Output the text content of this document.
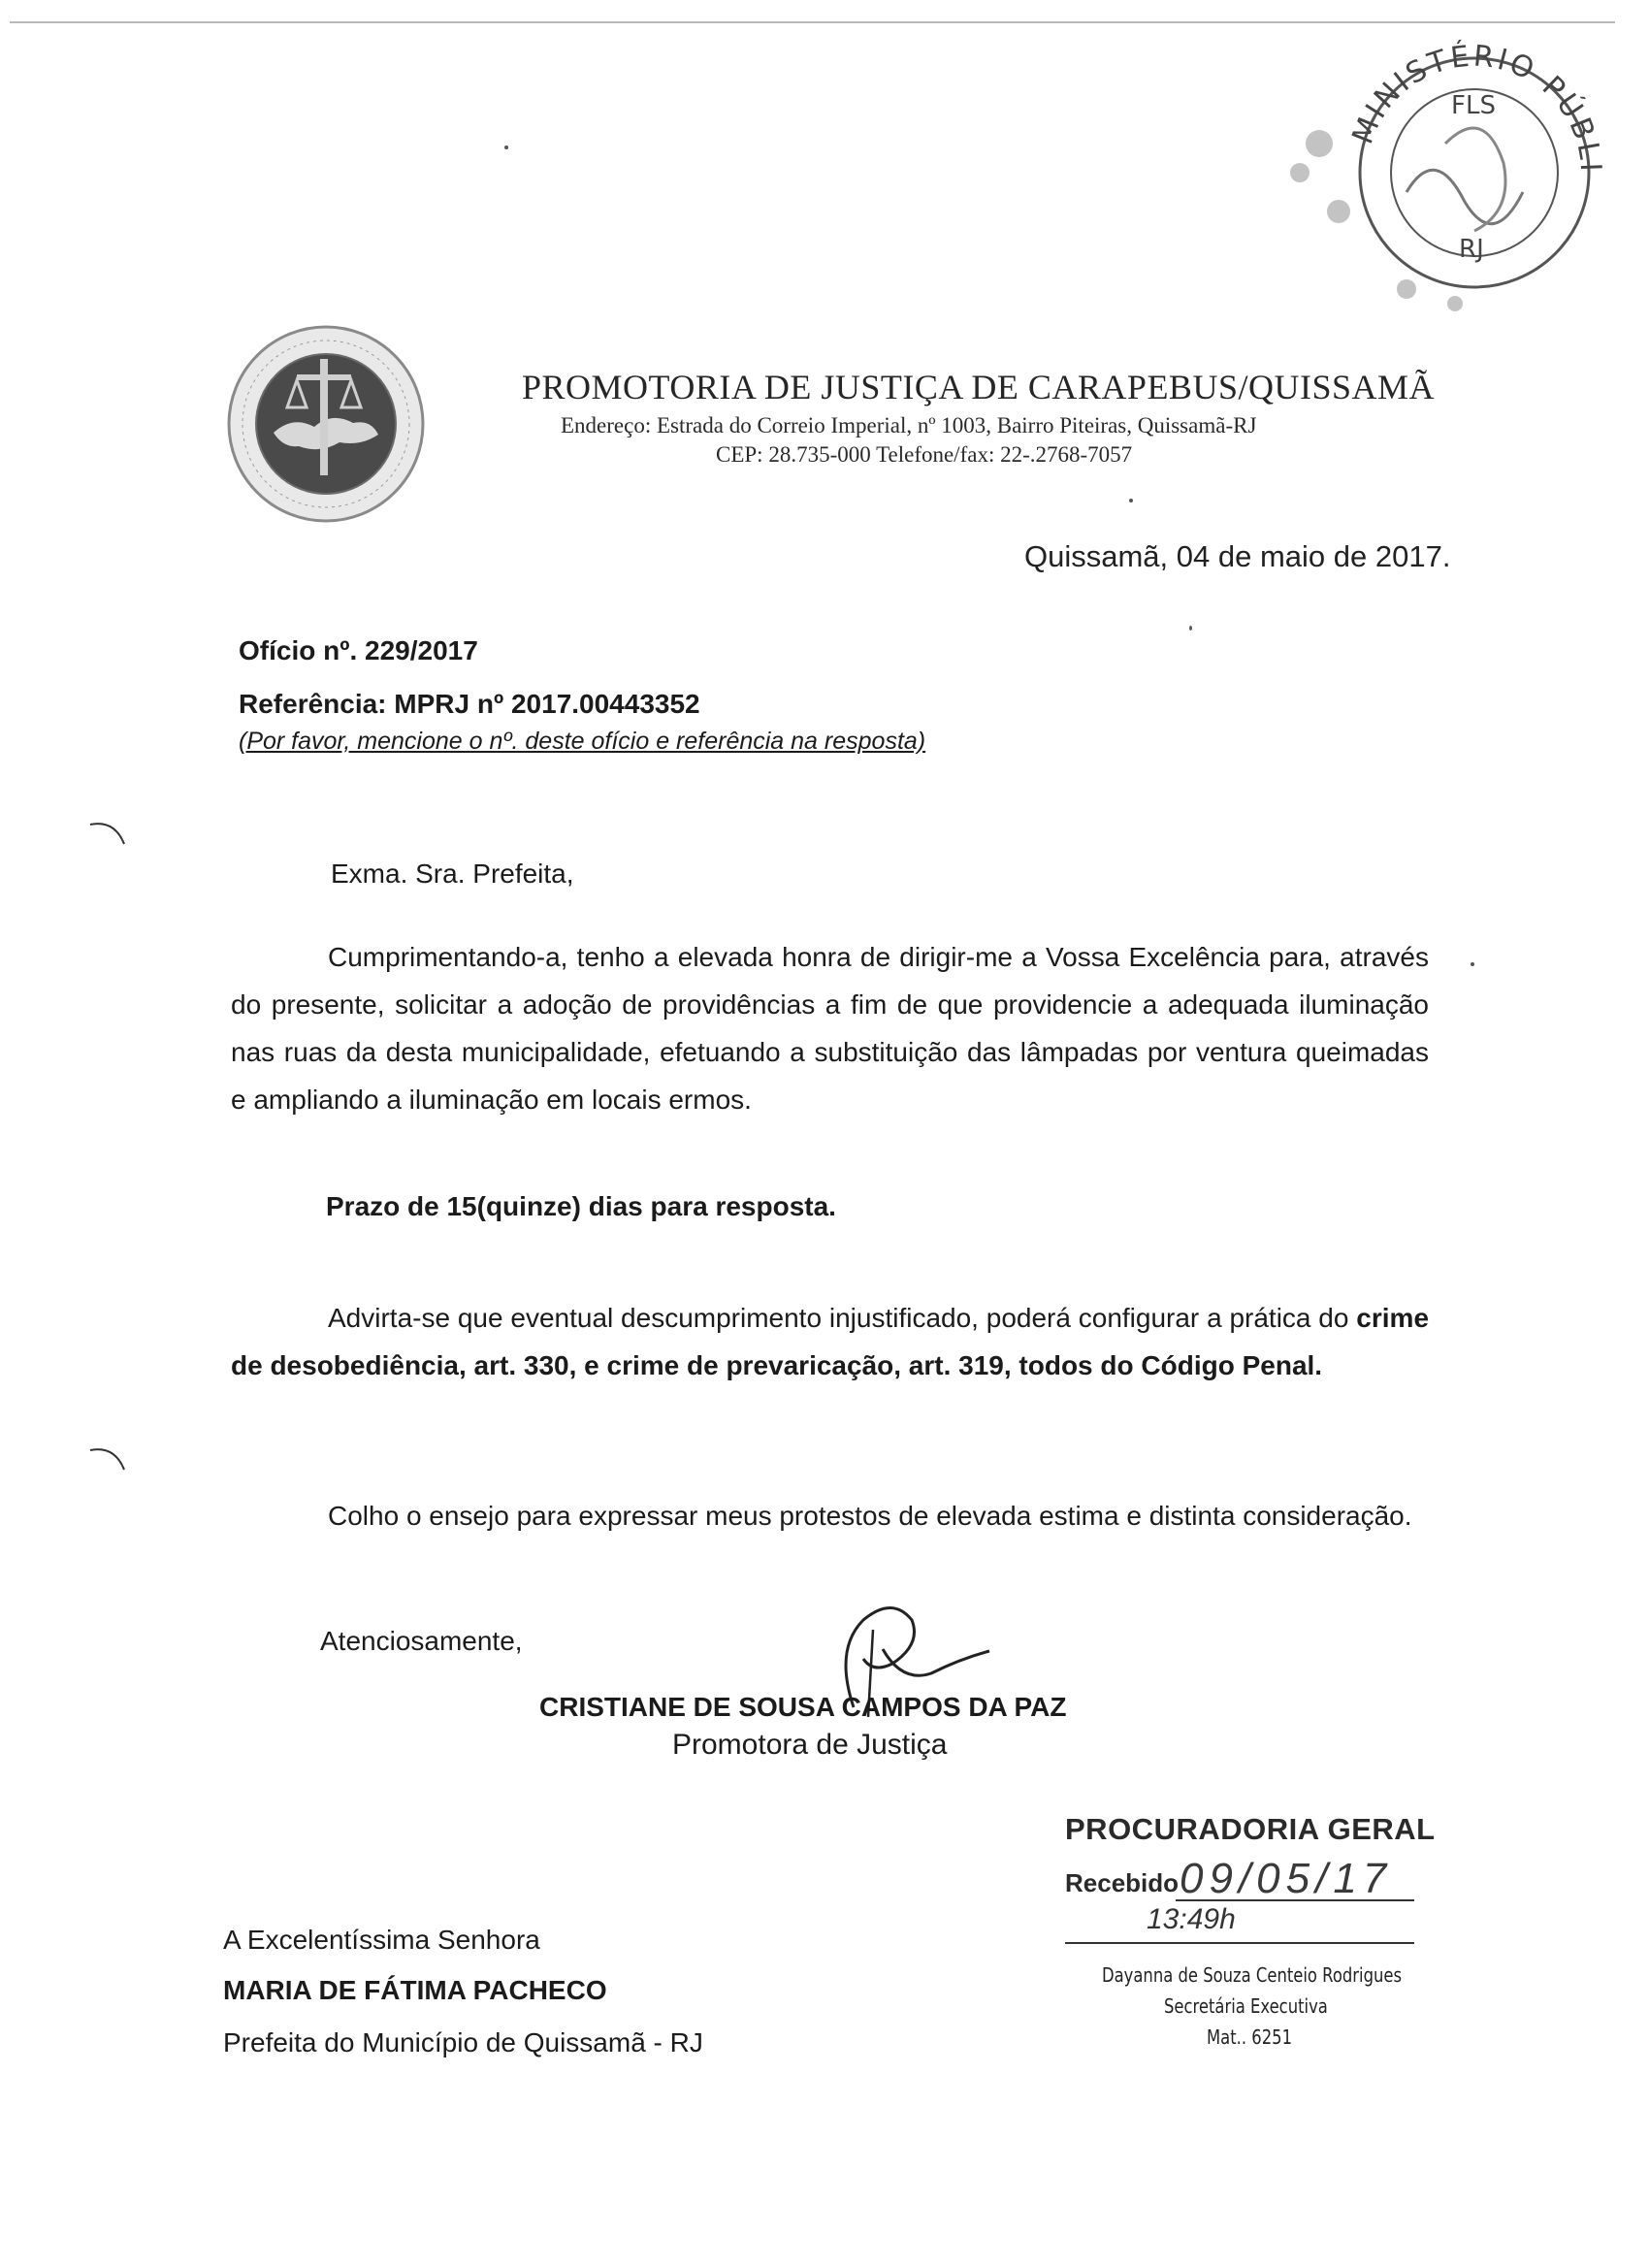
MINISTÉRIO PÚBLI
FLS
RJ
PROMOTORIA DE JUSTIÇA DE CARAPEBUS/QUISSAMÃ
Endereço: Estrada do Correio Imperial, nº 1003, Bairro Piteiras, Quissamã-RJ
CEP: 28.735-000 Telefone/fax: 22-.2768-7057
Quissamã, 04 de maio de 2017.
Ofício nº. 229/2017
Referência: MPRJ nº 2017.00443352
(Por favor, mencione o nº. deste ofício e referência na resposta)
Exma. Sra. Prefeita,
Cumprimentando-a, tenho a elevada honra de dirigir-me a Vossa Excelência para, através do presente, solicitar a adoção de providências a fim de que providencie a adequada iluminação nas ruas da desta municipalidade, efetuando a substituição das lâmpadas por ventura queimadas e ampliando a iluminação em locais ermos.
Prazo de 15(quinze) dias para resposta.
Advirta-se que eventual descumprimento injustificado, poderá configurar a prática do crime de desobediência, art. 330, e crime de prevaricação, art. 319, todos do Código Penal.
Colho o ensejo para expressar meus protestos de elevada estima e distinta consideração.
Atenciosamente,
CRISTIANE DE SOUSA CAMPOS DA PAZ
Promotora de Justiça
A Excelentíssima Senhora
MARIA DE FÁTIMA PACHECO
Prefeita do Município de Quissamã - RJ
PROCURADORIA GERAL
Recebido 09/05/17
13:49h
Dayanna de Souza Centeio Rodrigues
Secretária Executiva
Mat.. 6251
